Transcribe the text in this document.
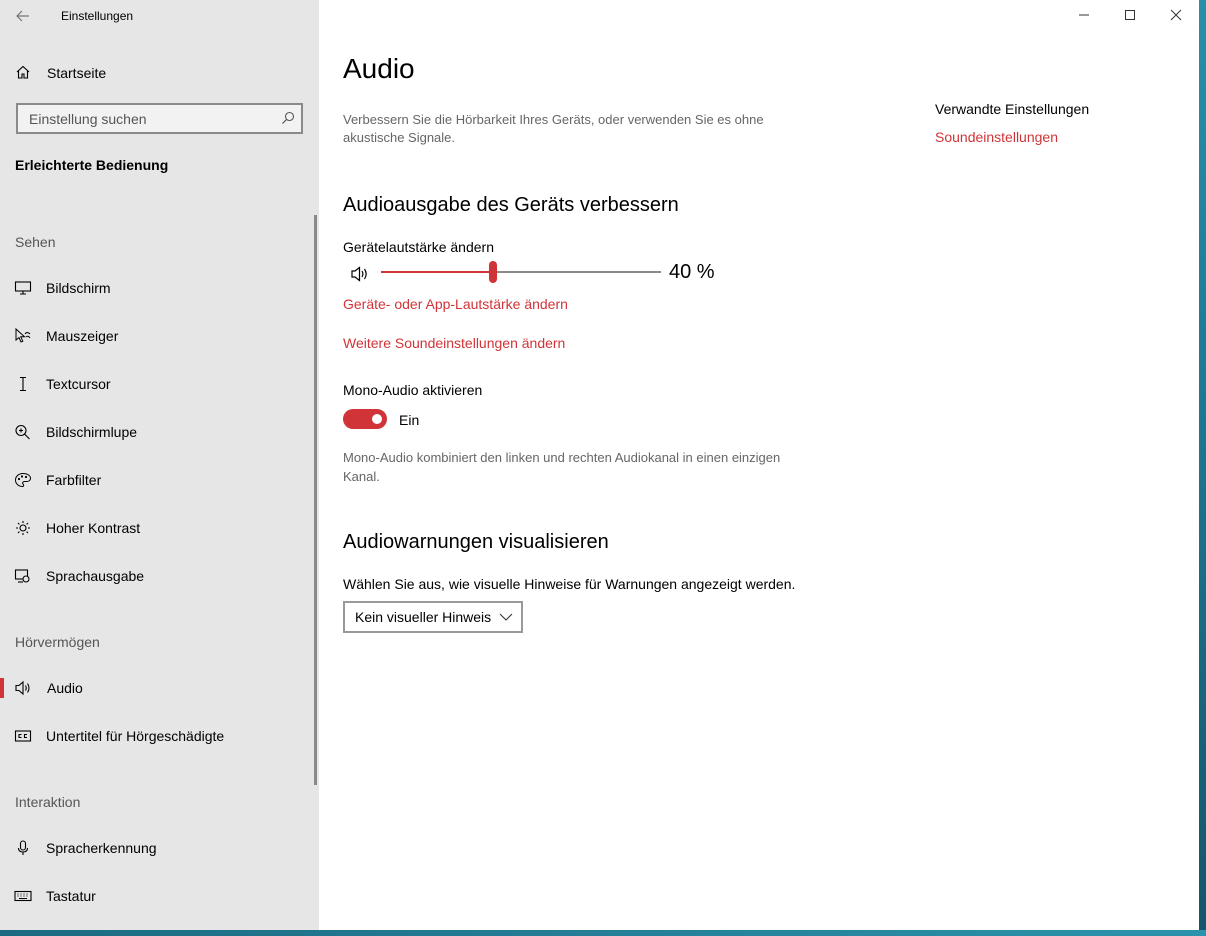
Einstellungen
Startseite
Einstellung suchen
Erleichterte Bedienung
Sehen
Bildschirm
Mauszeiger
Textcursor
Bildschirmlupe
Farbfilter
Hoher Kontrast
Sprachausgabe
Hörvermögen
Audio
Untertitel für Hörgeschädigte
Interaktion
Spracherkennung
Tastatur
Audio
Verbessern Sie die Hörbarkeit Ihres Geräts, oder verwenden Sie es ohne akustische Signale.
Verwandte Einstellungen
Soundeinstellungen
Audioausgabe des Geräts verbessern
Gerätelautstärke ändern
40 %
Geräte- oder App-Lautstärke ändern
Weitere Soundeinstellungen ändern
Mono-Audio aktivieren
Ein
Mono-Audio kombiniert den linken und rechten Audiokanal in einen einzigen Kanal.
Audiowarnungen visualisieren
Wählen Sie aus, wie visuelle Hinweise für Warnungen angezeigt werden.
Kein visueller Hinweis
